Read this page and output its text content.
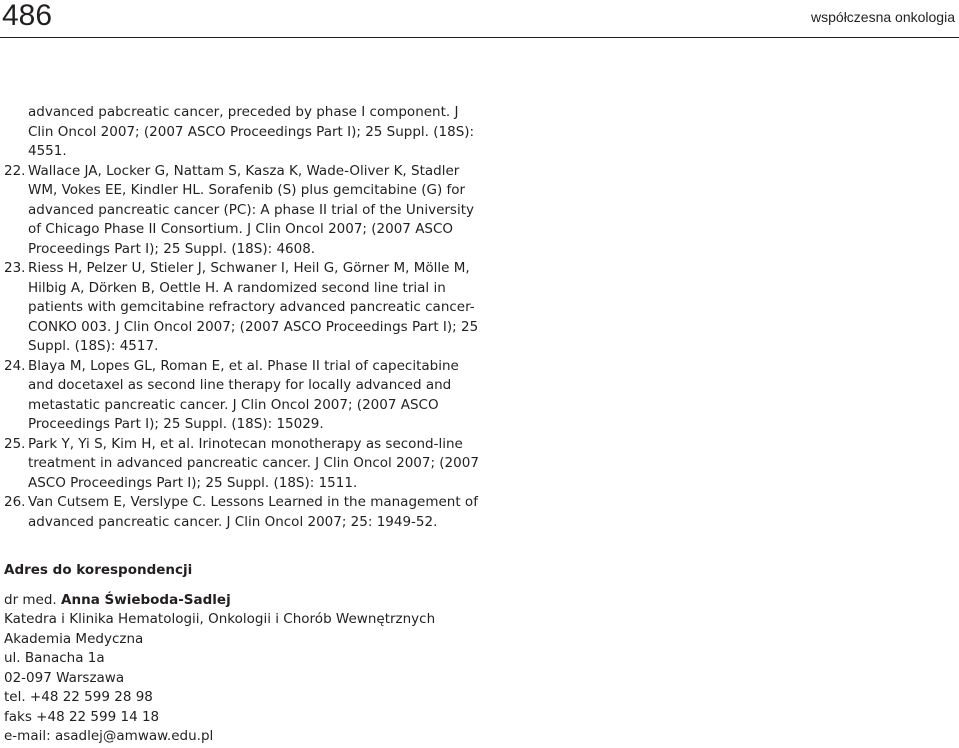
486	współczesna onkologia
advanced pabcreatic cancer, preceded by phase I component. J Clin Oncol 2007; (2007 ASCO Proceedings Part I); 25 Suppl. (18S): 4551.
22. Wallace JA, Locker G, Nattam S, Kasza K, Wade-Oliver K, Stadler WM, Vokes EE, Kindler HL. Sorafenib (S) plus gemcitabine (G) for advanced pancreatic cancer (PC): A phase II trial of the University of Chicago Phase II Consortium. J Clin Oncol 2007; (2007 ASCO Proceedings Part I); 25 Suppl. (18S): 4608.
23. Riess H, Pelzer U, Stieler J, Schwaner I, Heil G, Görner M, Mölle M, Hilbig A, Dörken B, Oettle H. A randomized second line trial in patients with gemcitabine refractory advanced pancreatic cancer-CONKO 003. J Clin Oncol 2007; (2007 ASCO Proceedings Part I); 25 Suppl. (18S): 4517.
24. Blaya M, Lopes GL, Roman E, et al. Phase II trial of capecitabine and docetaxel as second line therapy for locally advanced and metastatic pancreatic cancer. J Clin Oncol 2007; (2007 ASCO Proceedings Part I); 25 Suppl. (18S): 15029.
25. Park Y, Yi S, Kim H, et al. Irinotecan monotherapy as second-line treatment in advanced pancreatic cancer. J Clin Oncol 2007; (2007 ASCO Proceedings Part I); 25 Suppl. (18S): 1511.
26. Van Cutsem E, Verslype C. Lessons Learned in the management of advanced pancreatic cancer. J Clin Oncol 2007; 25: 1949-52.
Adres do korespondencji
dr med. Anna Świeboda-Sadlej
Katedra i Klinika Hematologii, Onkologii i Chorób Wewnętrznych
Akademia Medyczna
ul. Banacha 1a
02-097 Warszawa
tel. +48 22 599 28 98
faks +48 22 599 14 18
e-mail: asadlej@amwaw.edu.pl
